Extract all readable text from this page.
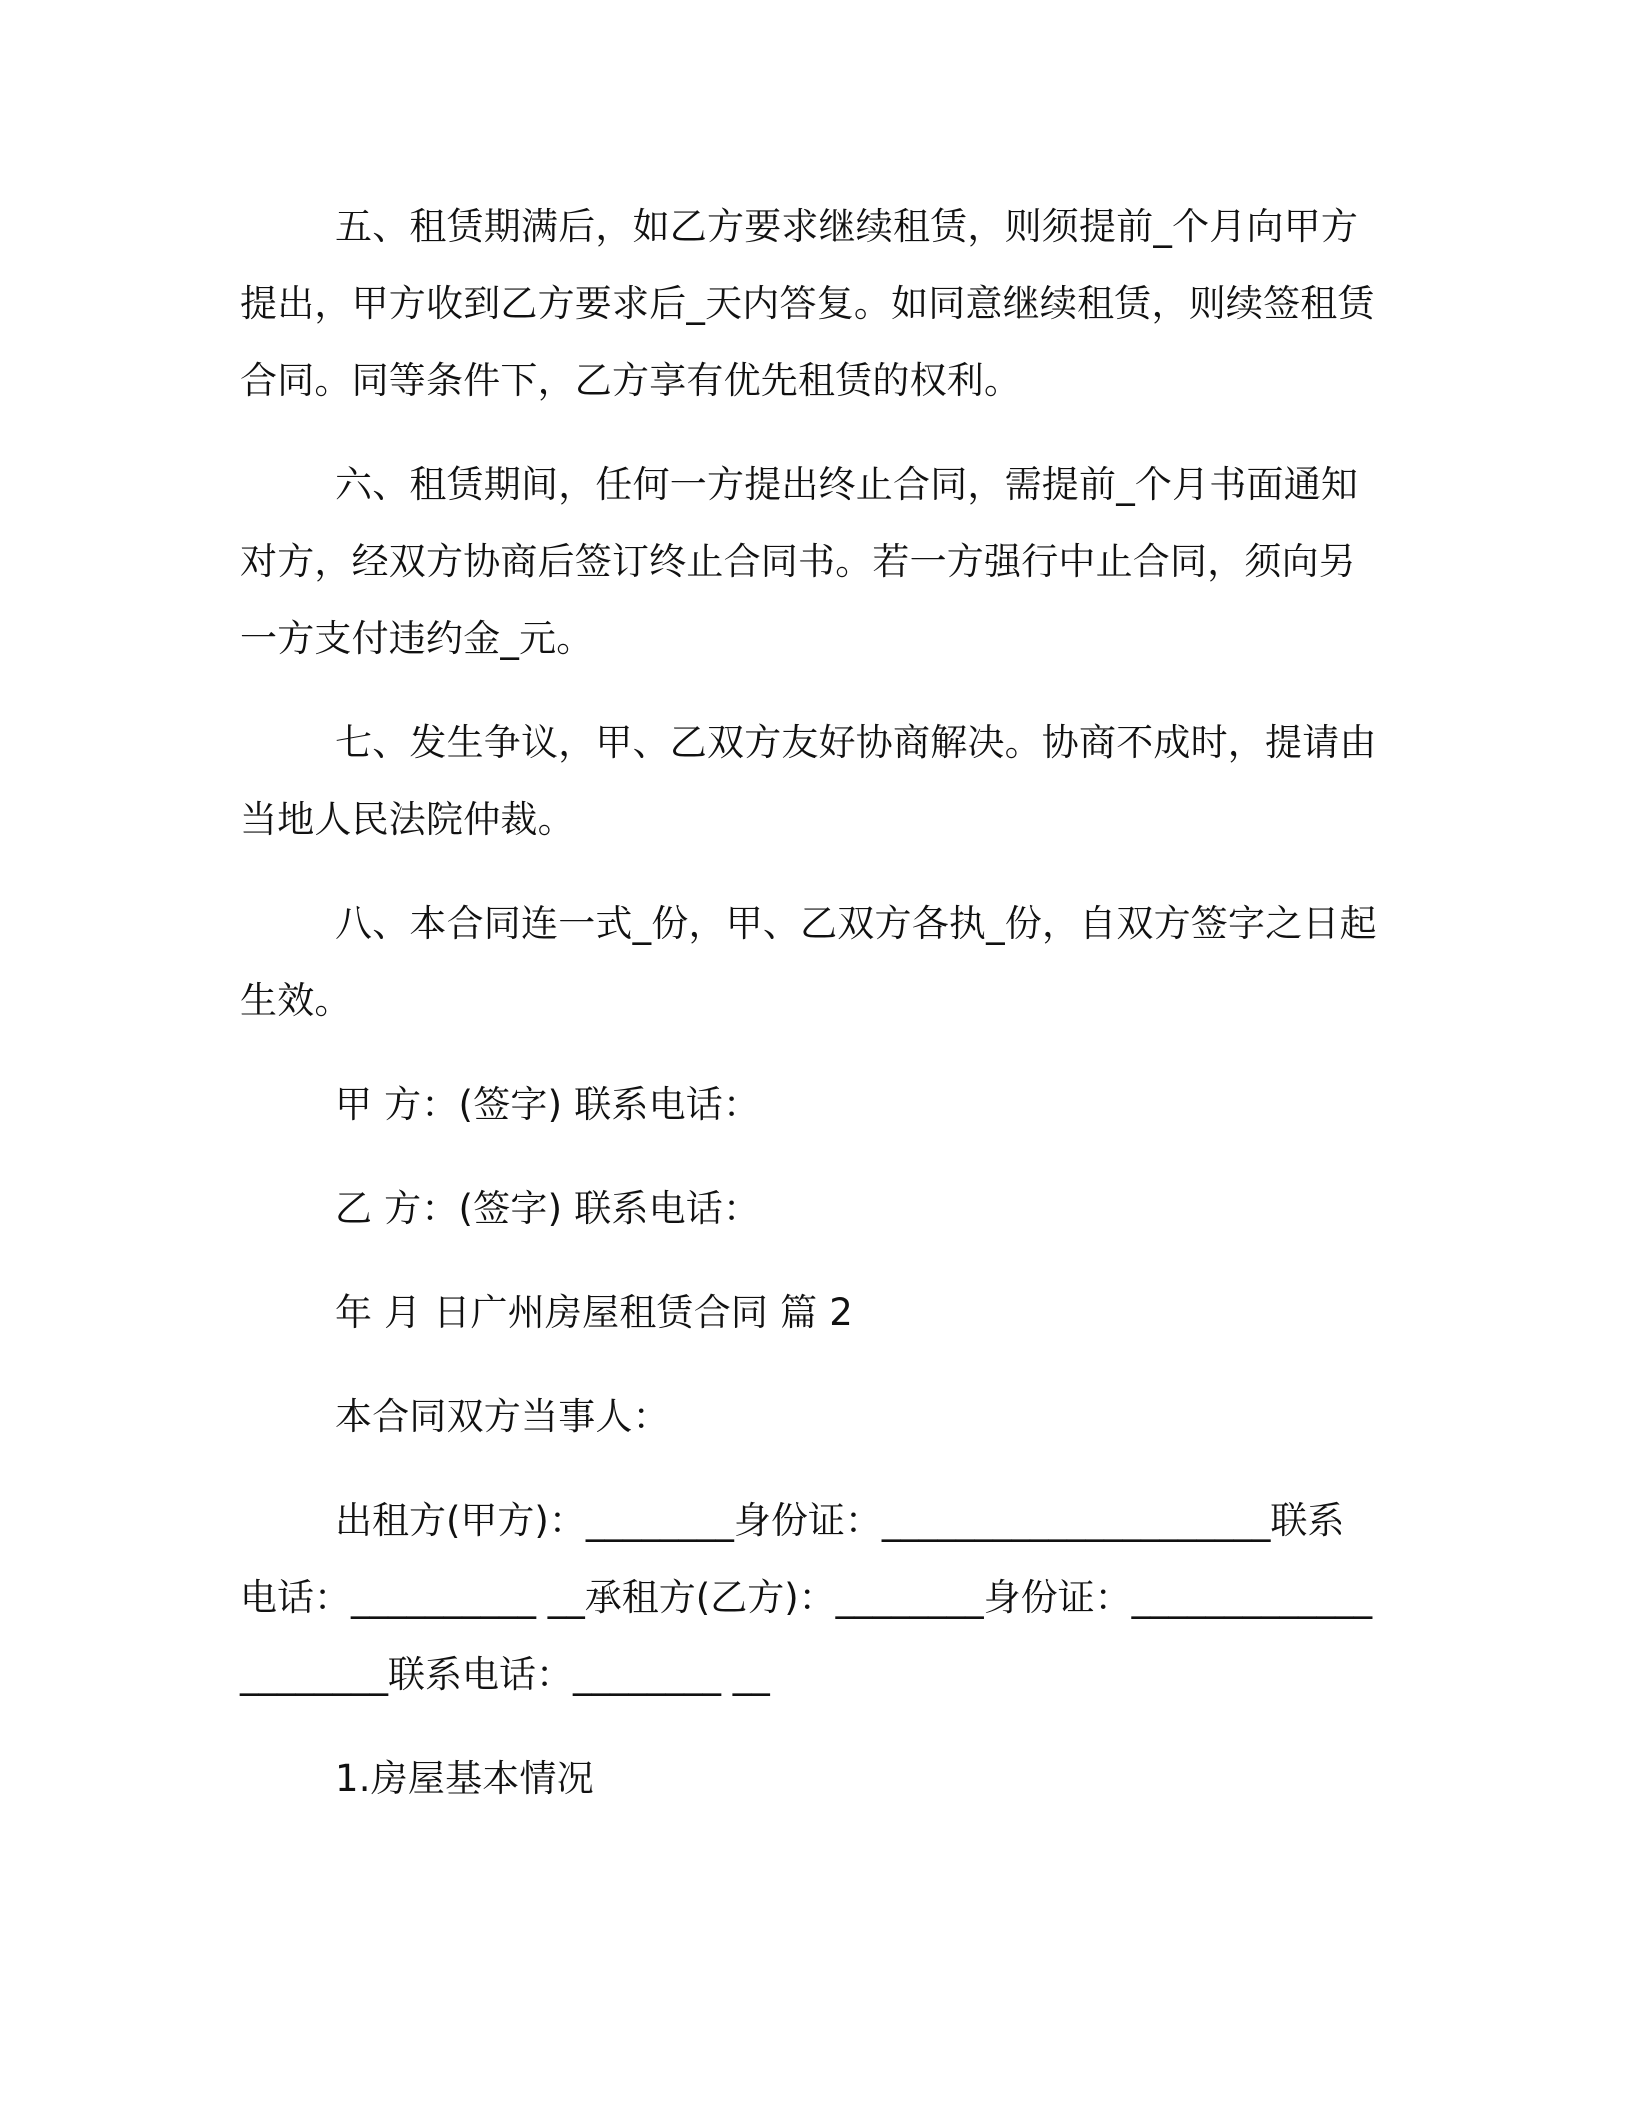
五、租赁期满后，如乙方要求继续租赁，则须提前_个月向甲方提出，甲方收到乙方要求后_天内答复。如同意继续租赁，则续签租赁合同。同等条件下，乙方享有优先租赁的权利。

六、租赁期间，任何一方提出终止合同，需提前_个月书面通知对方，经双方协商后签订终止合同书。若一方强行中止合同，须向另一方支付违约金_元。

七、发生争议，甲、乙双方友好协商解决。协商不成时，提请由当地人民法院仲裁。

八、本合同连一式_份，甲、乙双方各执_份，自双方签字之日起生效。

甲 方：(签字) 联系电话：

乙 方：(签字) 联系电话：

年 月 日广州房屋租赁合同 篇 2

本合同双方当事人：

出租方(甲方)：________身份证：_____________________联系电话：__________ __承租方(乙方)：________身份证：_____________________联系电话：________ __

1.房屋基本情况
